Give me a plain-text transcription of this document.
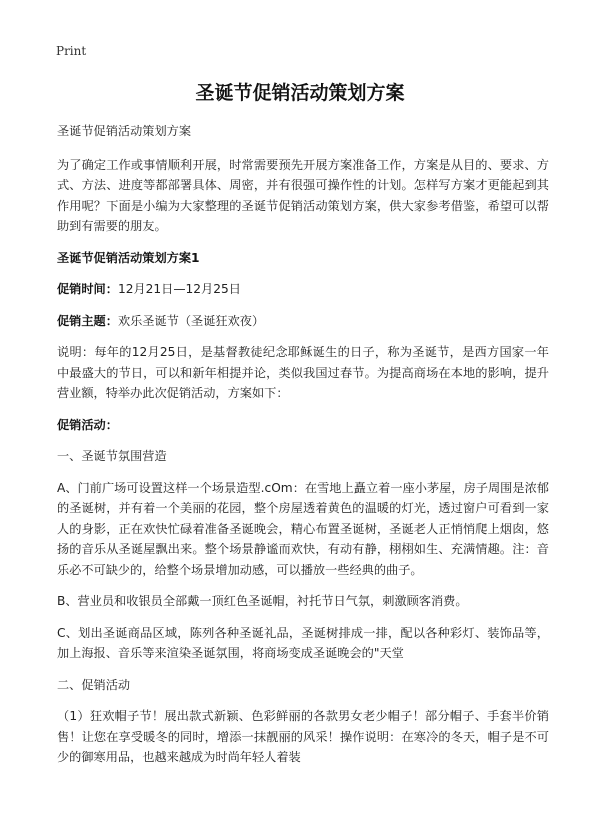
Print
圣诞节促销活动策划方案

圣诞节促销活动策划方案

为了确定工作或事情顺利开展，时常需要预先开展方案准备工作，方案是从目的、要求、方式、方法、进度等都部署具体、周密，并有很强可操作性的计划。怎样写方案才更能起到其作用呢？下面是小编为大家整理的圣诞节促销活动策划方案，供大家参考借鉴，希望可以帮助到有需要的朋友。

圣诞节促销活动策划方案1

促销时间：12月21日—12月25日

促销主题：欢乐圣诞节（圣诞狂欢夜）

说明：每年的12月25日，是基督教徒纪念耶稣诞生的日子，称为圣诞节，是西方国家一年中最盛大的节日，可以和新年相提并论，类似我国过春节。为提高商场在本地的影响，提升营业额，特举办此次促销活动，方案如下：

促销活动：

一、圣诞节氛围营造

A、门前广场可设置这样一个场景造型.cOm：在雪地上矗立着一座小茅屋，房子周围是浓郁的圣诞树，并有着一个美丽的花园，整个房屋透着黄色的温暖的灯光，透过窗户可看到一家人的身影，正在欢快忙碌着准备圣诞晚会，精心布置圣诞树，圣诞老人正悄悄爬上烟囱，悠扬的音乐从圣诞屋飘出来。整个场景静谧而欢快，有动有静，栩栩如生、充满情趣。注：音乐必不可缺少的，给整个场景增加动感，可以播放一些经典的曲子。

B、营业员和收银员全部戴一顶红色圣诞帽，衬托节日气氛，刺激顾客消费。

C、划出圣诞商品区域，陈列各种圣诞礼品，圣诞树排成一排，配以各种彩灯、装饰品等，加上海报、音乐等来渲染圣诞氛围，将商场变成圣诞晚会的"天堂

二、促销活动

（1）狂欢帽子节！展出款式新颖、色彩鲜丽的各款男女老少帽子！部分帽子、手套半价销售！让您在享受暖冬的同时，增添一抹靓丽的风采！操作说明：在寒冷的冬天，帽子是不可少的御寒用品，也越来越成为时尚年轻人着装
